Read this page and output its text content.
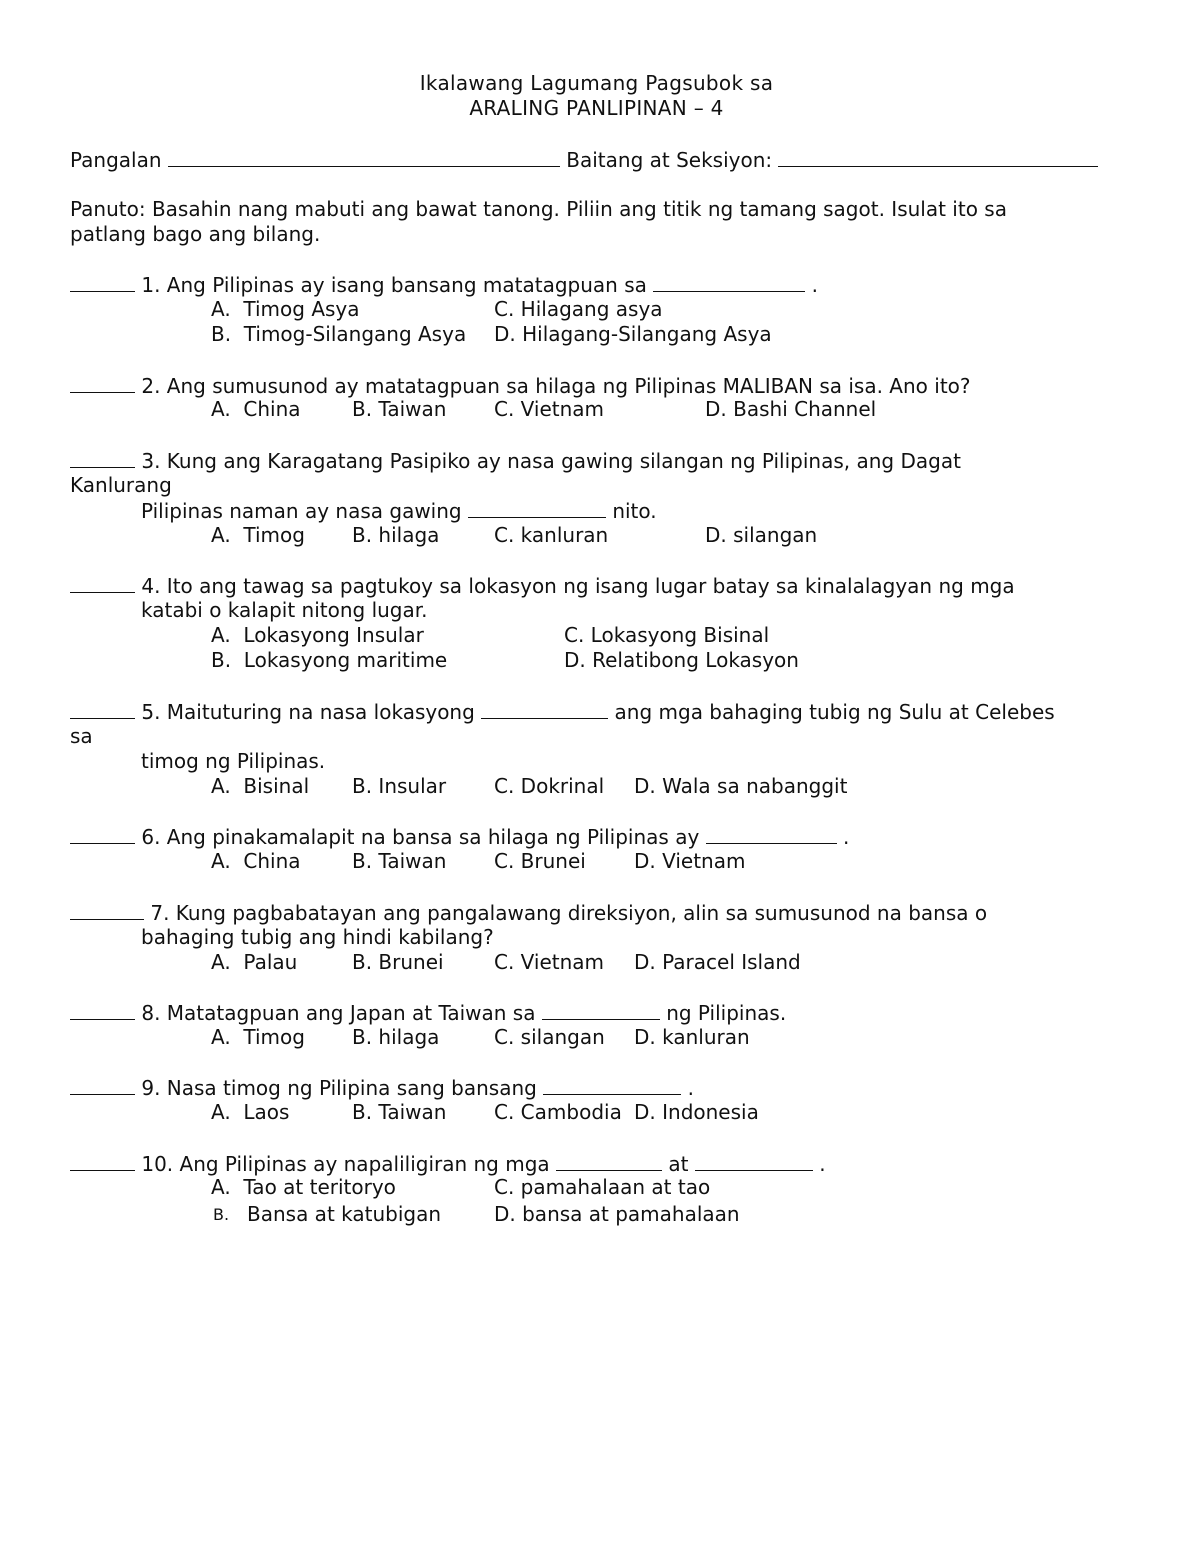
Ikalawang Lagumang Pagsubok sa
ARALING PANLIPINAN – 4
Pangalan	Baitang at Seksiyon:
Panuto: Basahin nang mabuti ang bawat tanong. Piliin ang titik ng tamang sagot. Isulat ito sa
patlang bago ang bilang.
1. Ang Pilipinas ay isang bansang matatagpuan sa	.
A.  Timog Asya	C. Hilagang asya
B.  Timog-Silangang Asya D. Hilagang-Silangang Asya
2. Ang sumusunod ay matatagpuan sa hilaga ng Pilipinas MALIBAN sa isa. Ano ito?
A.  China	B. Taiwan C. Vietnam	D. Bashi Channel
3. Kung ang Karagatang Pasipiko ay nasa gawing silangan ng Pilipinas, ang Dagat
Kanlurang
Pilipinas naman ay nasa gawing	nito.
A.  Timog B. hilaga	C. kanluran	D. silangan
4. Ito ang tawag sa pagtukoy sa lokasyon ng isang lugar batay sa kinalalagyan ng mga
katabi o kalapit nitong lugar.
A.  Lokasyong Insular	C. Lokasyong Bisinal
B.  Lokasyong maritime	D. Relatibong Lokasyon
5. Maituturing na nasa lokasyong	ang mga bahaging tubig ng Sulu at Celebes
sa
timog ng Pilipinas.
A.  Bisinal B. Insular C. Dokrinal D. Wala sa nabanggit
6. Ang pinakamalapit na bansa sa hilaga ng Pilipinas ay	.
A.  China	B. Taiwan C. Brunei D. Vietnam
7. Kung pagbabatayan ang pangalawang direksiyon, alin sa sumusunod na bansa o
bahaging tubig ang hindi kabilang?
A.  Palau	B. Brunei	C. Vietnam D. Paracel Island
8. Matatagpuan ang Japan at Taiwan sa	ng Pilipinas.
A.  Timog B. hilaga	C. silangan D. kanluran
9. Nasa timog ng Pilipina sang bansang	.
A.  Laos	B. Taiwan C. Cambodia D. Indonesia
10. Ang Pilipinas ay napaliligiran ng mga	at	.
A.  Tao at teritoryo	C. pamahalaan at tao
B. Bansa at katubigan	D. bansa at pamahalaan
